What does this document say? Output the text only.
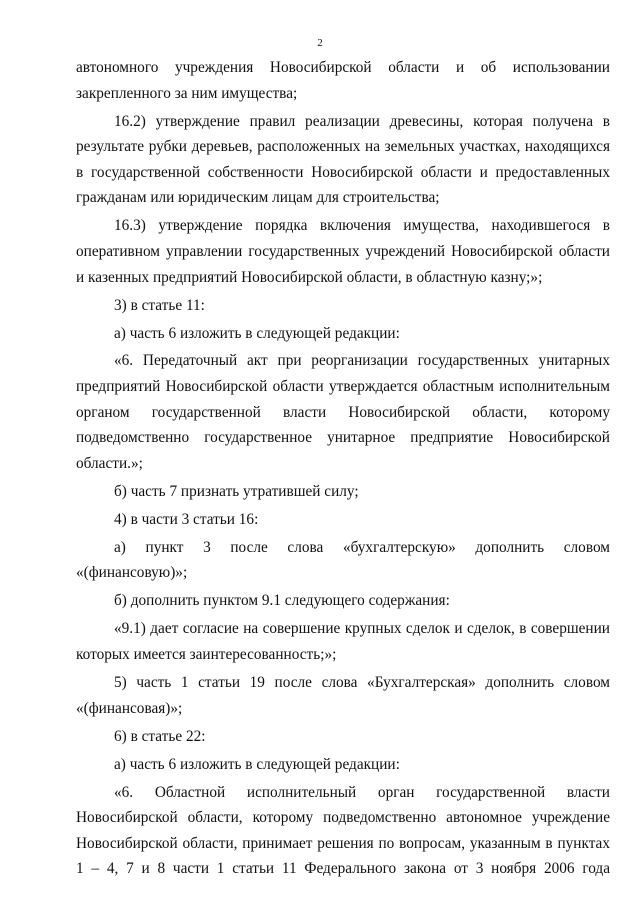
2

автономного учреждения Новосибирской области и об использовании закрепленного за ним имущества;

16.2) утверждение правил реализации древесины, которая получена в результате рубки деревьев, расположенных на земельных участках, находящихся в государственной собственности Новосибирской области и предоставленных гражданам или юридическим лицам для строительства;

16.3) утверждение порядка включения имущества, находившегося в оперативном управлении государственных учреждений Новосибирской области и казенных предприятий Новосибирской области, в областную казну;»;

3) в статье 11:

а) часть 6 изложить в следующей редакции:

«6. Передаточный акт при реорганизации государственных унитарных предприятий Новосибирской области утверждается областным исполнительным органом государственной власти Новосибирской области, которому подведомственно государственное унитарное предприятие Новосибирской области.»;

б) часть 7 признать утратившей силу;

4) в части 3 статьи 16:

а) пункт 3 после слова «бухгалтерскую» дополнить словом «(финансовую)»;

б) дополнить пунктом 9.1 следующего содержания:

«9.1) дает согласие на совершение крупных сделок и сделок, в совершении которых имеется заинтересованность;»;

5) часть 1 статьи 19 после слова «Бухгалтерская» дополнить словом «(финансовая)»;

6) в статье 22:

а) часть 6 изложить в следующей редакции:

«6. Областной исполнительный орган государственной власти Новосибирской области, которому подведомственно автономное учреждение Новосибирской области, принимает решения по вопросам, указанным в пунктах 1 – 4, 7 и 8 части 1 статьи 11 Федерального закона от 3 ноября 2006 года
